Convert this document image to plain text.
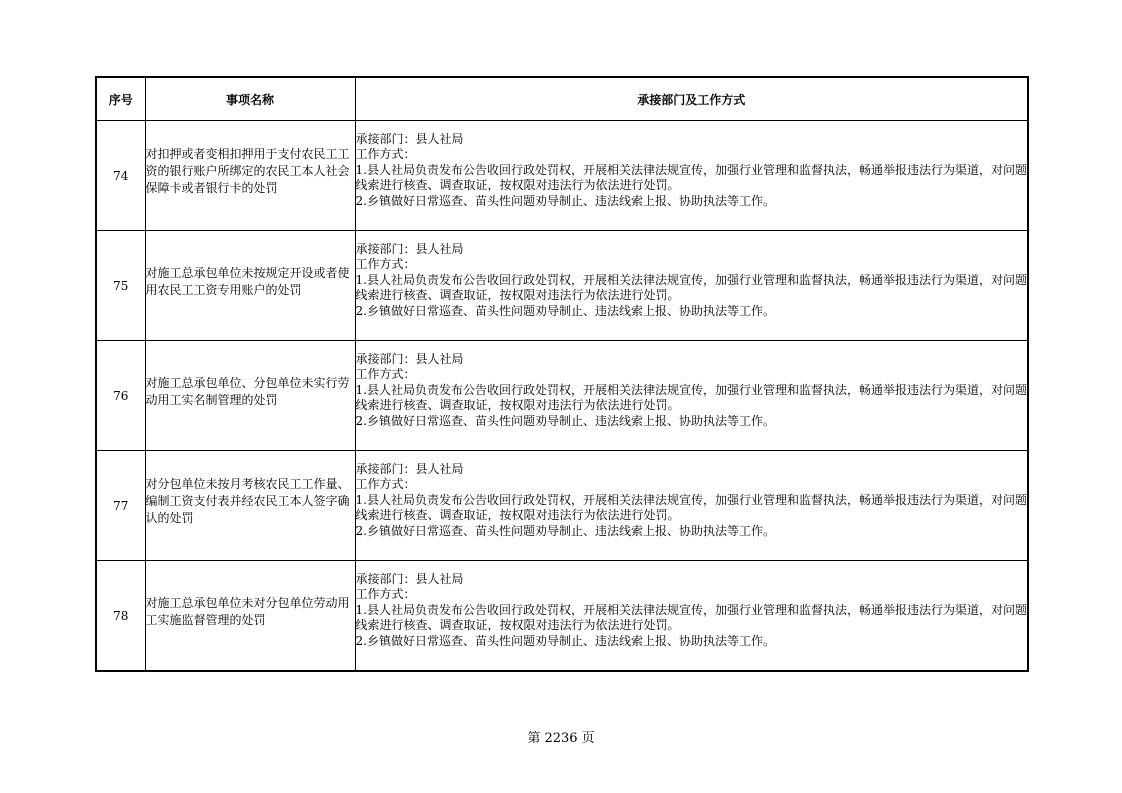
序号	事项名称	承接部门及工作方式
74	对扣押或者变相扣押用于支付农民工工资的银行账户所绑定的农民工本人社会保障卡或者银行卡的处罚	承接部门：县人社局
工作方式：
1.县人社局负责发布公告收回行政处罚权，开展相关法律法规宣传，加强行业管理和监督执法，畅通举报违法行为渠道，对问题线索进行核查、调查取证，按权限对违法行为依法进行处罚。
2.乡镇做好日常巡查、苗头性问题劝导制止、违法线索上报、协助执法等工作。

75	对施工总承包单位未按规定开设或者使用农民工工资专用账户的处罚	承接部门：县人社局
工作方式：
1.县人社局负责发布公告收回行政处罚权，开展相关法律法规宣传，加强行业管理和监督执法，畅通举报违法行为渠道，对问题线索进行核查、调查取证，按权限对违法行为依法进行处罚。
2.乡镇做好日常巡查、苗头性问题劝导制止、违法线索上报、协助执法等工作。

76	对施工总承包单位、分包单位未实行劳动用工实名制管理的处罚	承接部门：县人社局
工作方式：
1.县人社局负责发布公告收回行政处罚权，开展相关法律法规宣传，加强行业管理和监督执法，畅通举报违法行为渠道，对问题线索进行核查、调查取证，按权限对违法行为依法进行处罚。
2.乡镇做好日常巡查、苗头性问题劝导制止、违法线索上报、协助执法等工作。

77	对分包单位未按月考核农民工工作量、编制工资支付表并经农民工本人签字确认的处罚	承接部门：县人社局
工作方式：
1.县人社局负责发布公告收回行政处罚权，开展相关法律法规宣传，加强行业管理和监督执法，畅通举报违法行为渠道，对问题线索进行核查、调查取证，按权限对违法行为依法进行处罚。
2.乡镇做好日常巡查、苗头性问题劝导制止、违法线索上报、协助执法等工作。

78	对施工总承包单位未对分包单位劳动用工实施监督管理的处罚	承接部门：县人社局
工作方式：
1.县人社局负责发布公告收回行政处罚权，开展相关法律法规宣传，加强行业管理和监督执法，畅通举报违法行为渠道，对问题线索进行核查、调查取证，按权限对违法行为依法进行处罚。
2.乡镇做好日常巡查、苗头性问题劝导制止、违法线索上报、协助执法等工作。
第 2236 页
